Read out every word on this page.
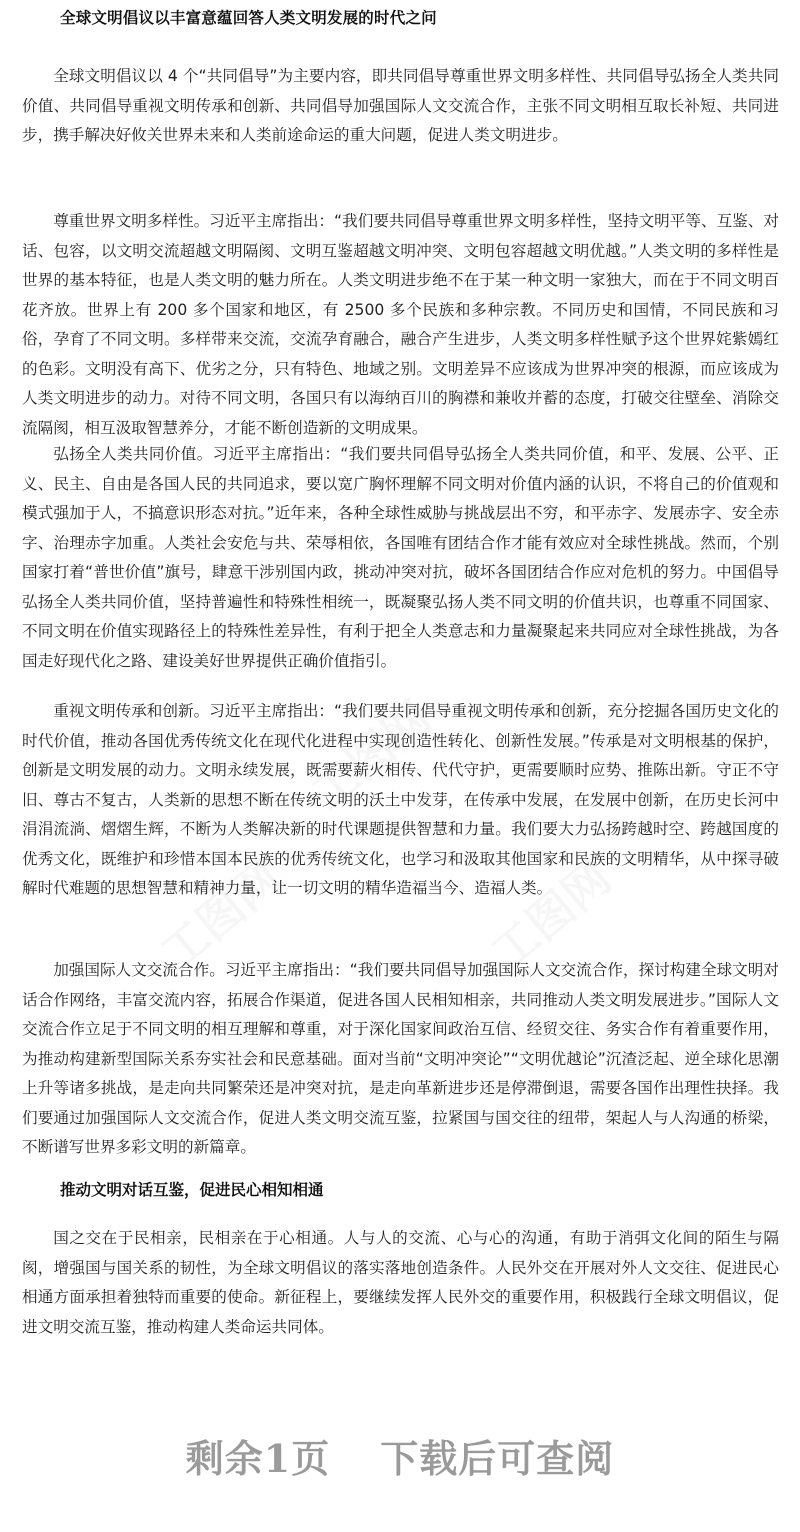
全球文明倡议以丰富意蕴回答人类文明发展的时代之问

全球文明倡议以 4 个“共同倡导”为主要内容，即共同倡导尊重世界文明多样性、共同倡导弘扬全人类共同价值、共同倡导重视文明传承和创新、共同倡导加强国际人文交流合作，主张不同文明相互取长补短、共同进步，携手解决好攸关世界未来和人类前途命运的重大问题，促进人类文明进步。

尊重世界文明多样性。习近平主席指出：“我们要共同倡导尊重世界文明多样性，坚持文明平等、互鉴、对话、包容，以文明交流超越文明隔阂、文明互鉴超越文明冲突、文明包容超越文明优越。”人类文明的多样性是世界的基本特征，也是人类文明的魅力所在。人类文明进步绝不在于某一种文明一家独大，而在于不同文明百花齐放。世界上有 200 多个国家和地区，有 2500 多个民族和多种宗教。不同历史和国情，不同民族和习俗，孕育了不同文明。多样带来交流，交流孕育融合，融合产生进步，人类文明多样性赋予这个世界姹紫嫣红的色彩。文明没有高下、优劣之分，只有特色、地域之别。文明差异不应该成为世界冲突的根源，而应该成为人类文明进步的动力。对待不同文明，各国只有以海纳百川的胸襟和兼收并蓄的态度，打破交往壁垒、消除交流隔阂，相互汲取智慧养分，才能不断创造新的文明成果。

弘扬全人类共同价值。习近平主席指出：“我们要共同倡导弘扬全人类共同价值，和平、发展、公平、正义、民主、自由是各国人民的共同追求，要以宽广胸怀理解不同文明对价值内涵的认识，不将自己的价值观和模式强加于人，不搞意识形态对抗。”近年来，各种全球性威胁与挑战层出不穷，和平赤字、发展赤字、安全赤字、治理赤字加重。人类社会安危与共、荣辱相依，各国唯有团结合作才能有效应对全球性挑战。然而，个别国家打着“普世价值”旗号，肆意干涉别国内政，挑动冲突对抗，破坏各国团结合作应对危机的努力。中国倡导弘扬全人类共同价值，坚持普遍性和特殊性相统一，既凝聚弘扬人类不同文明的价值共识，也尊重不同国家、不同文明在价值实现路径上的特殊性差异性，有利于把全人类意志和力量凝聚起来共同应对全球性挑战，为各国走好现代化之路、建设美好世界提供正确价值指引。

重视文明传承和创新。习近平主席指出：“我们要共同倡导重视文明传承和创新，充分挖掘各国历史文化的时代价值，推动各国优秀传统文化在现代化进程中实现创造性转化、创新性发展。”传承是对文明根基的保护，创新是文明发展的动力。文明永续发展，既需要薪火相传、代代守护，更需要顺时应势、推陈出新。守正不守旧、尊古不复古，人类新的思想不断在传统文明的沃土中发芽，在传承中发展，在发展中创新，在历史长河中涓涓流淌、熠熠生辉，不断为人类解决新的时代课题提供智慧和力量。我们要大力弘扬跨越时空、跨越国度的优秀文化，既维护和珍惜本国本民族的优秀传统文化，也学习和汲取其他国家和民族的文明精华，从中探寻破解时代难题的思想智慧和精神力量，让一切文明的精华造福当今、造福人类。

加强国际人文交流合作。习近平主席指出：“我们要共同倡导加强国际人文交流合作，探讨构建全球文明对话合作网络，丰富交流内容，拓展合作渠道，促进各国人民相知相亲，共同推动人类文明发展进步。”国际人文交流合作立足于不同文明的相互理解和尊重，对于深化国家间政治互信、经贸交往、务实合作有着重要作用，为推动构建新型国际关系夯实社会和民意基础。面对当前“文明冲突论”“文明优越论”沉渣泛起、逆全球化思潮上升等诸多挑战，是走向共同繁荣还是冲突对抗，是走向革新进步还是停滞倒退，需要各国作出理性抉择。我们要通过加强国际人文交流合作，促进人类文明交流互鉴，拉紧国与国交往的纽带，架起人与人沟通的桥梁，不断谱写世界多彩文明的新篇章。

推动文明对话互鉴，促进民心相知相通

国之交在于民相亲，民相亲在于心相通。人与人的交流、心与心的沟通，有助于消弭文化间的陌生与隔阂，增强国与国关系的韧性，为全球文明倡议的落实落地创造条件。人民外交在开展对外人文交往、促进民心相通方面承担着独特而重要的使命。新征程上，要继续发挥人民外交的重要作用，积极践行全球文明倡议，促进文明交流互鉴，推动构建人类命运共同体。

剩余1页 下载后可查阅
